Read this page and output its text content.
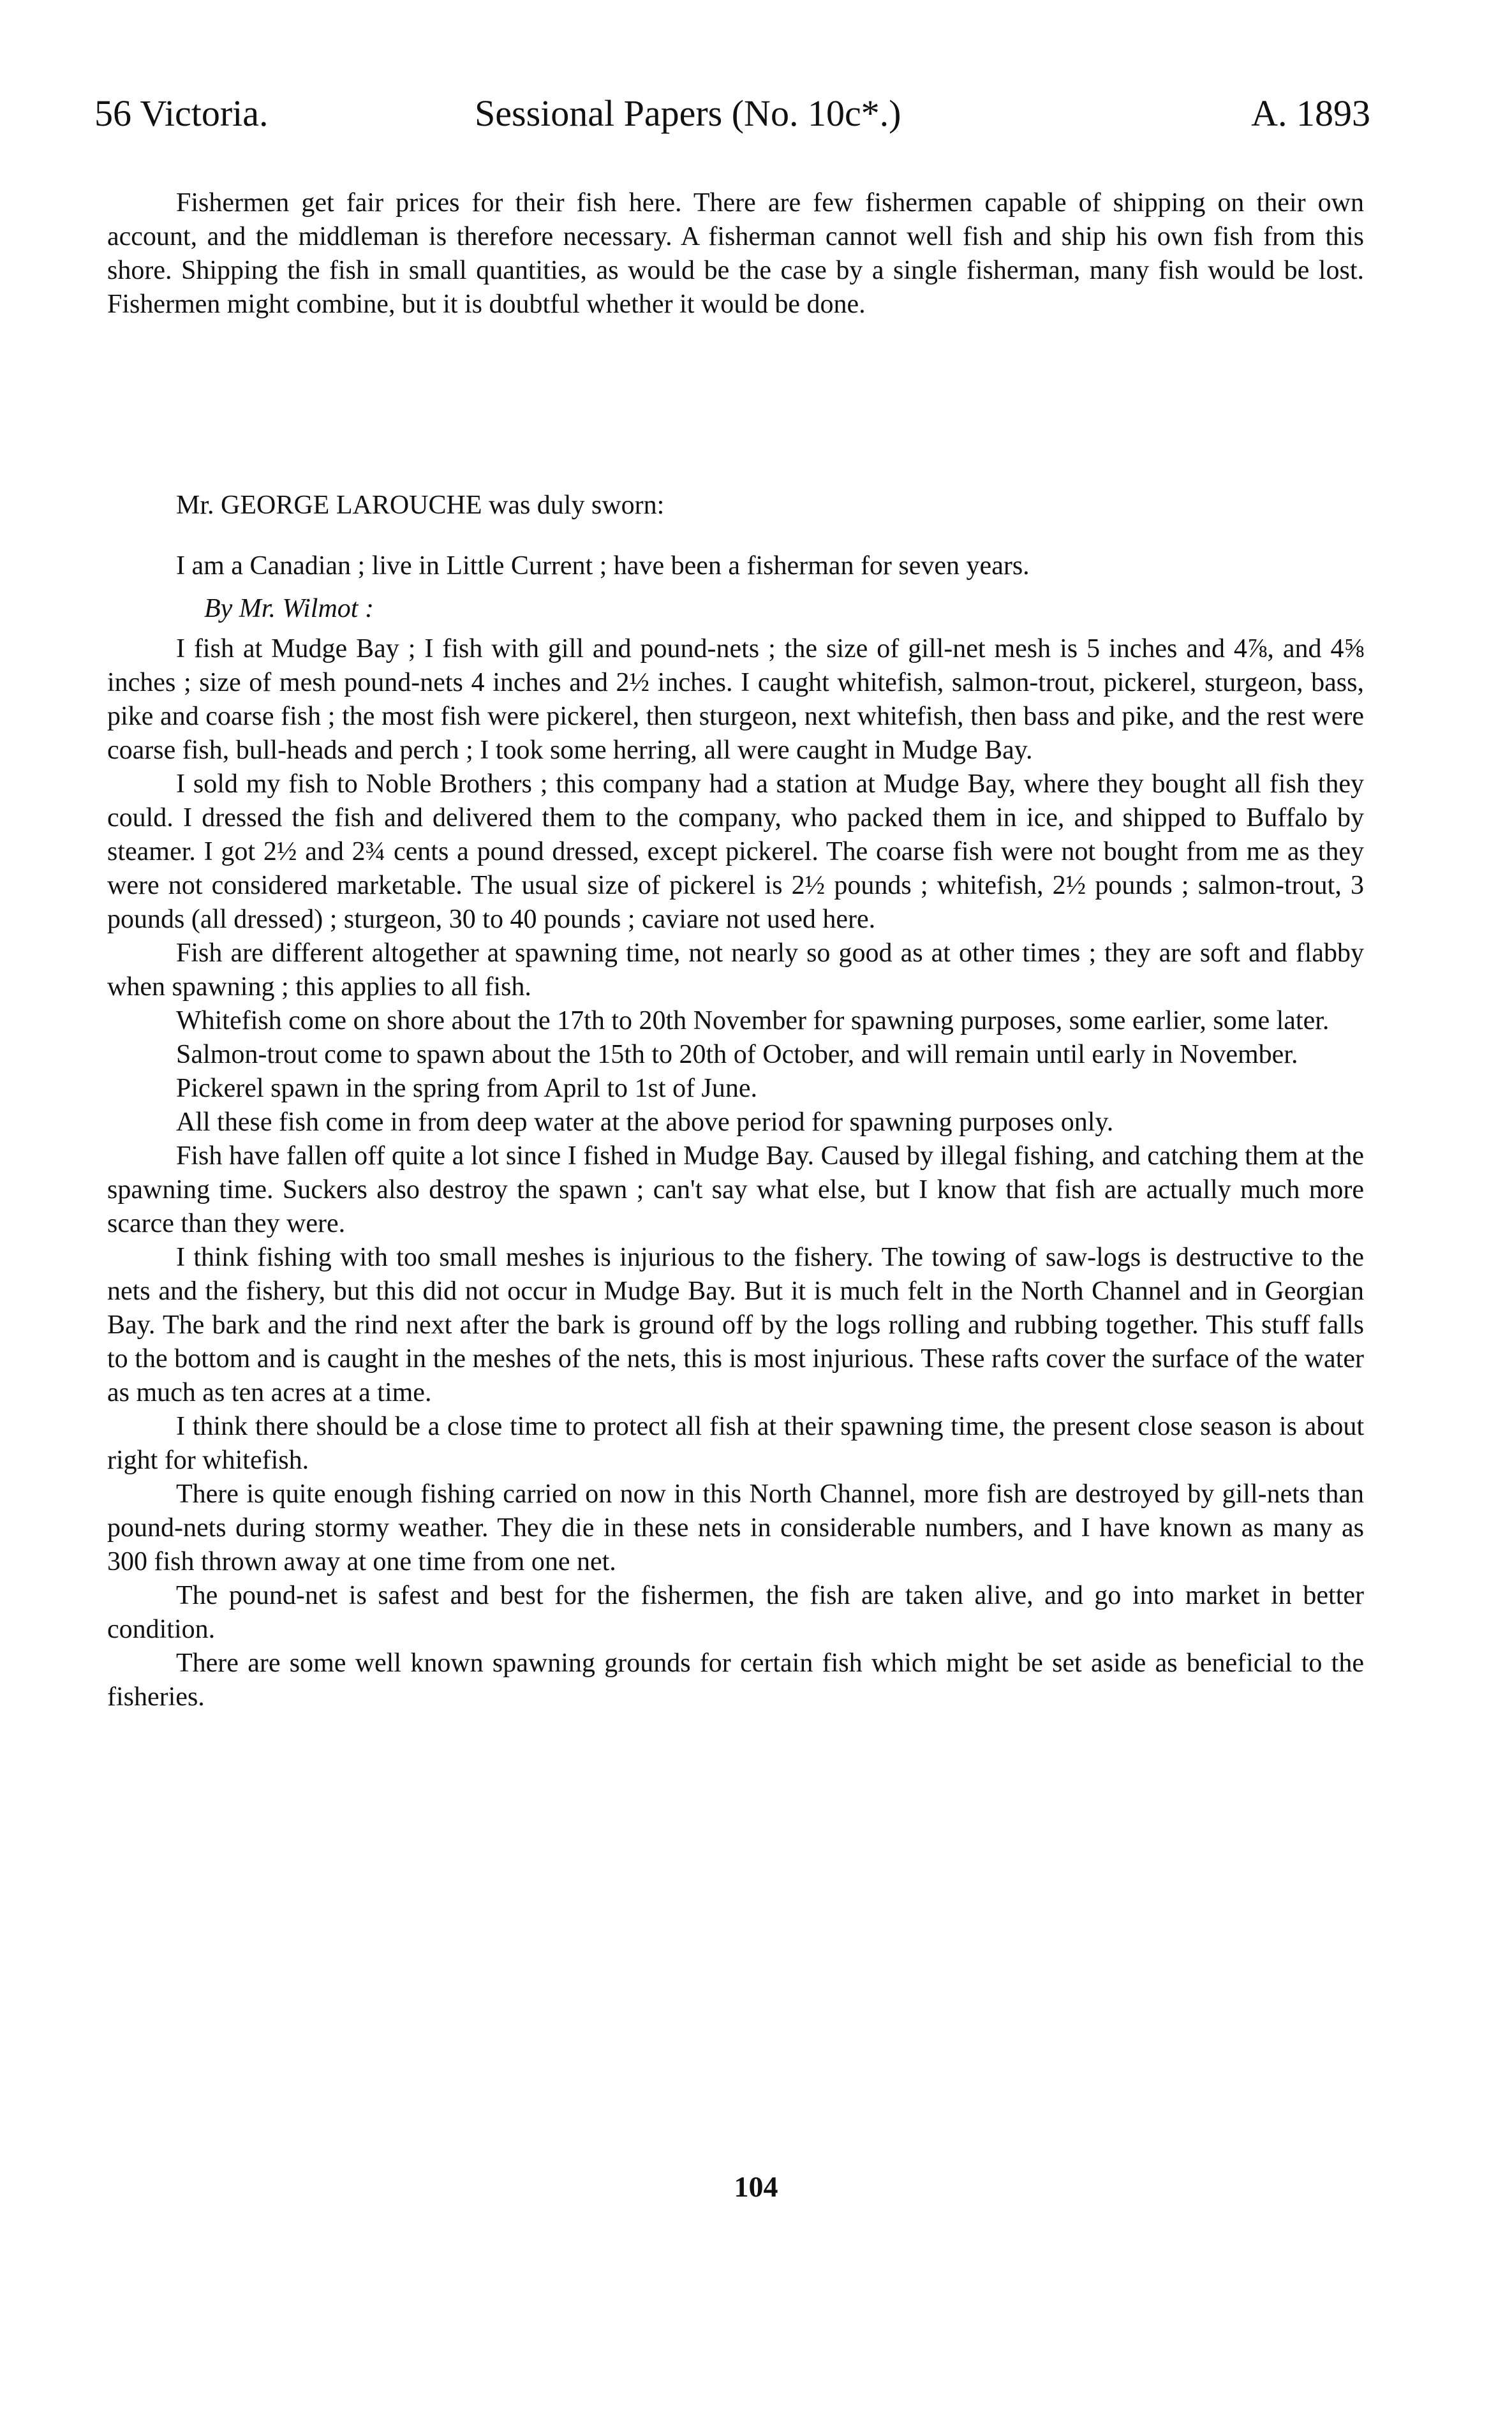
56 Victoria.	Sessional Papers (No. 10c*.)	A. 1893

Fishermen get fair prices for their fish here. There are few fishermen capable of shipping on their own account, and the middleman is therefore necessary. A fisherman cannot well fish and ship his own fish from this shore. Shipping the fish in small quantities, as would be the case by a single fisherman, many fish would be lost. Fishermen might combine, but it is doubtful whether it would be done.

Mr. GEORGE LAROUCHE was duly sworn:

I am a Canadian ; live in Little Current ; have been a fisherman for seven years.

By Mr. Wilmot :

I fish at Mudge Bay ; I fish with gill and pound-nets ; the size of gill-net mesh is 5 inches and 4⅞, and 4⅝ inches ; size of mesh pound-nets 4 inches and 2½ inches. I caught whitefish, salmon-trout, pickerel, sturgeon, bass, pike and coarse fish ; the most fish were pickerel, then sturgeon, next whitefish, then bass and pike, and the rest were coarse fish, bull-heads and perch ; I took some herring, all were caught in Mudge Bay.

I sold my fish to Noble Brothers ; this company had a station at Mudge Bay, where they bought all fish they could. I dressed the fish and delivered them to the company, who packed them in ice, and shipped to Buffalo by steamer. I got 2½ and 2¾ cents a pound dressed, except pickerel. The coarse fish were not bought from me as they were not considered marketable. The usual size of pickerel is 2½ pounds ; whitefish, 2½ pounds ; salmon-trout, 3 pounds (all dressed) ; sturgeon, 30 to 40 pounds ; caviare not used here.

Fish are different altogether at spawning time, not nearly so good as at other times ; they are soft and flabby when spawning ; this applies to all fish.

Whitefish come on shore about the 17th to 20th November for spawning purposes, some earlier, some later.

Salmon-trout come to spawn about the 15th to 20th of October, and will remain until early in November.

Pickerel spawn in the spring from April to 1st of June.

All these fish come in from deep water at the above period for spawning purposes only.

Fish have fallen off quite a lot since I fished in Mudge Bay. Caused by illegal fishing, and catching them at the spawning time. Suckers also destroy the spawn ; can't say what else, but I know that fish are actually much more scarce than they were.

I think fishing with too small meshes is injurious to the fishery. The towing of saw-logs is destructive to the nets and the fishery, but this did not occur in Mudge Bay. But it is much felt in the North Channel and in Georgian Bay. The bark and the rind next after the bark is ground off by the logs rolling and rubbing together. This stuff falls to the bottom and is caught in the meshes of the nets, this is most injurious. These rafts cover the surface of the water as much as ten acres at a time.

I think there should be a close time to protect all fish at their spawning time, the present close season is about right for whitefish.

There is quite enough fishing carried on now in this North Channel, more fish are destroyed by gill-nets than pound-nets during stormy weather. They die in these nets in considerable numbers, and I have known as many as 300 fish thrown away at one time from one net.

The pound-net is safest and best for the fishermen, the fish are taken alive, and go into market in better condition.

There are some well known spawning grounds for certain fish which might be set aside as beneficial to the fisheries.

104
